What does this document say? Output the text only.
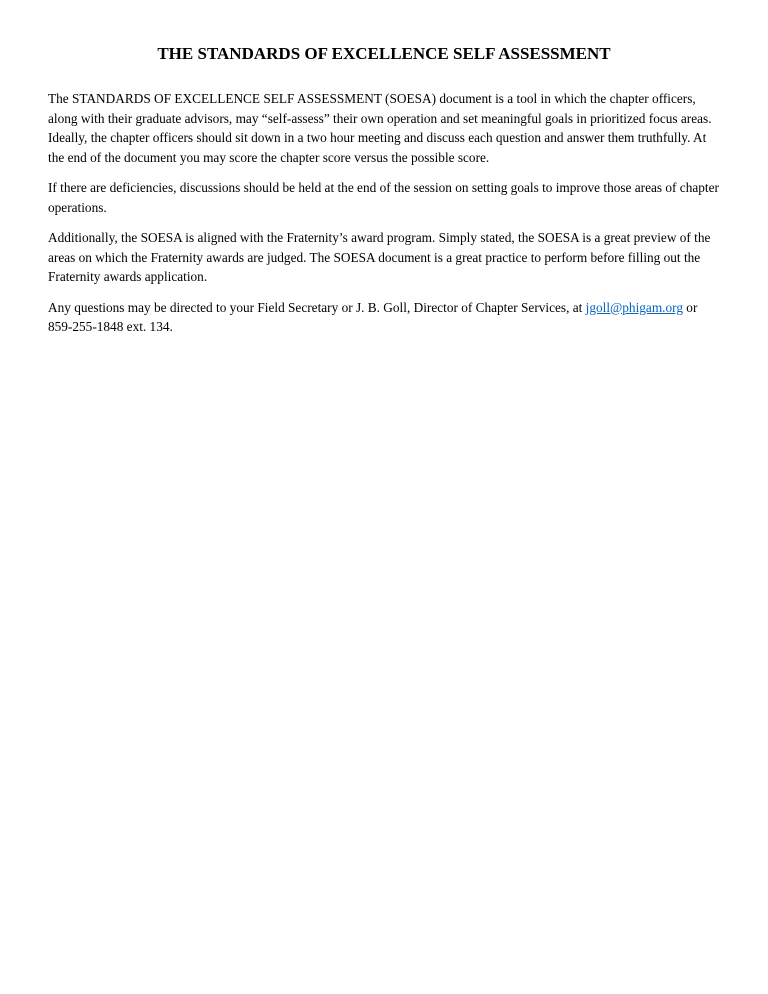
THE STANDARDS OF EXCELLENCE SELF ASSESSMENT

The STANDARDS OF EXCELLENCE SELF ASSESSMENT (SOESA) document is a tool in which the chapter officers, along with their graduate advisors, may “self-assess” their own operation and set meaningful goals in prioritized focus areas. Ideally, the chapter officers should sit down in a two hour meeting and discuss each question and answer them truthfully. At the end of the document you may score the chapter score versus the possible score.

If there are deficiencies, discussions should be held at the end of the session on setting goals to improve those areas of chapter operations.

Additionally, the SOESA is aligned with the Fraternity’s award program. Simply stated, the SOESA is a great preview of the areas on which the Fraternity awards are judged. The SOESA document is a great practice to perform before filling out the Fraternity awards application.

Any questions may be directed to your Field Secretary or J. B. Goll, Director of Chapter Services, at jgoll@phigam.org or 859-255-1848 ext. 134.
